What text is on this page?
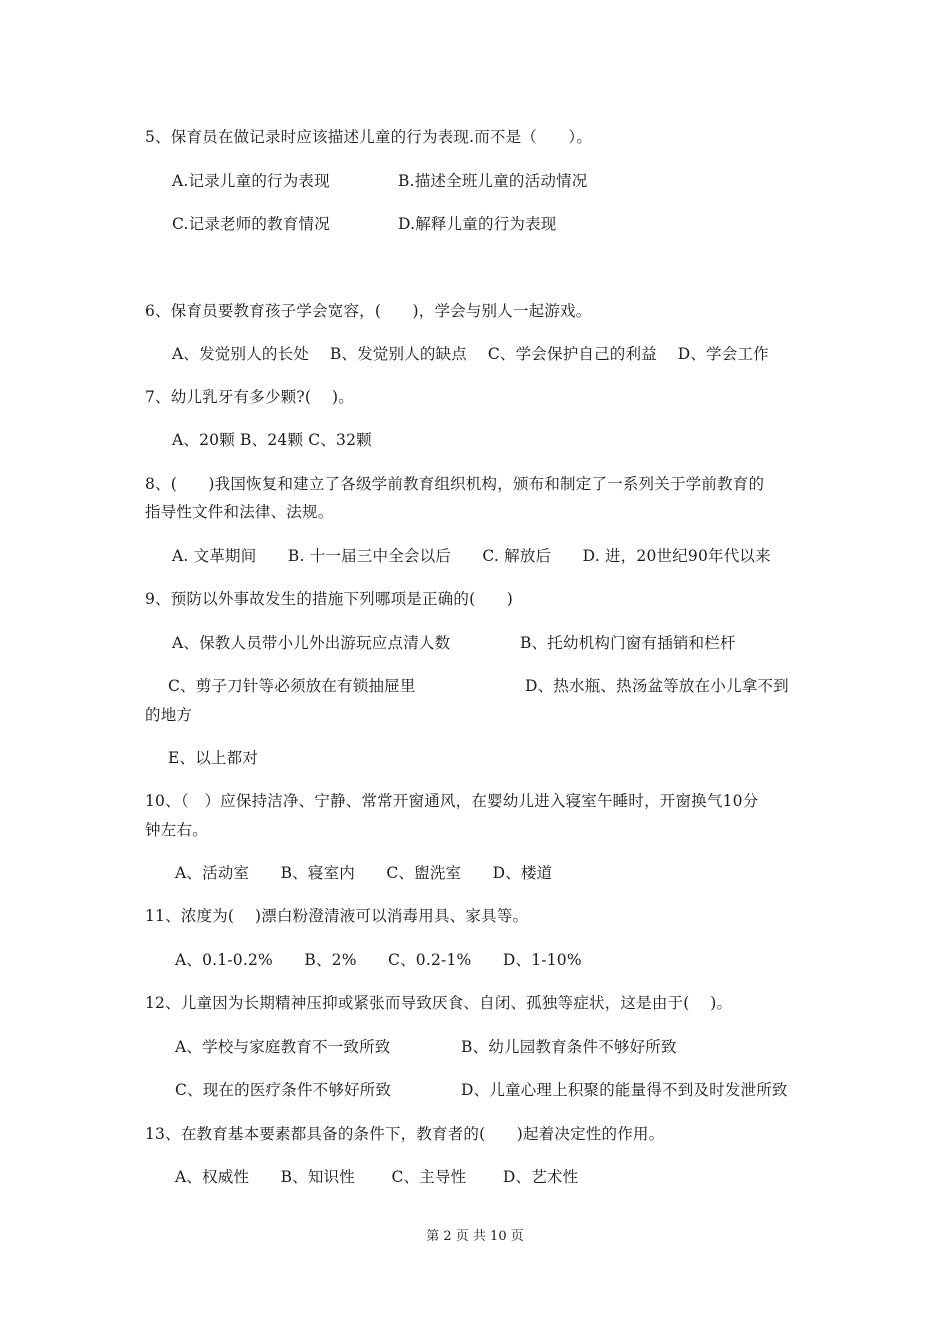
5、保育员在做记录时应该描述儿童的行为表现.而不是（　　）。
A.记录儿童的行为表现	B.描述全班儿童的活动情况
C.记录老师的教育情况	D.解释儿童的行为表现
6、保育员要教育孩子学会宽容，(　　)，学会与别人一起游戏。
A、发觉别人的长处　 B、发觉别人的缺点　 C、学会保护自己的利益　 D、学会工作
7、幼儿乳牙有多少颗?(　 )。
A、20颗 B、24颗 C、32颗
8、(　　)我国恢复和建立了各级学前教育组织机构，颁布和制定了一系列关于学前教育的
指导性文件和法律、法规。
A. 文革期间　　B. 十一届三中全会以后　　C. 解放后　　D. 进，20世纪90年代以来
9、预防以外事故发生的措施下列哪项是正确的(　　)
A、保教人员带小儿外出游玩应点清人数	B、托幼机构门窗有插销和栏杆
C、剪子刀针等必须放在有锁抽屉里	D、热水瓶、热汤盆等放在小儿拿不到
的地方
E、以上都对
10、（　）应保持洁净、宁静、常常开窗通风，在婴幼儿进入寝室午睡时，开窗换气10分
钟左右。
A、活动室　　B、寝室内　　C、盥洗室　　D、楼道
11、浓度为(　 )漂白粉澄清液可以消毒用具、家具等。
A、0.1-0.2%　　B、2%　　C、0.2-1%　　D、1-10%
12、儿童因为长期精神压抑或紧张而导致厌食、自闭、孤独等症状，这是由于(　 )。
A、学校与家庭教育不一致所致	B、幼儿园教育条件不够好所致
C、现在的医疗条件不够好所致	D、儿童心理上积聚的能量得不到及时发泄所致
13、在教育基本要素都具备的条件下，教育者的(　　)起着决定性的作用。
A、权威性　　B、知识性　　 C、主导性　　 D、艺术性
第 2 页 共 10 页
